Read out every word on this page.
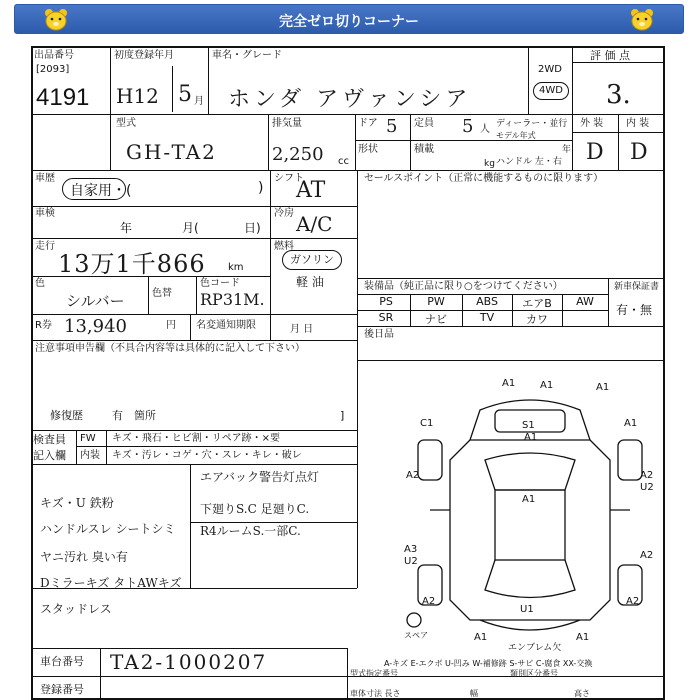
完全ゼロ切りコーナー
出品番号
[2093]
4191
初度登録年月
H12 5 月
車名・グレード
ホンダ アヴァンシア
2WD
4WD
評 価 点
3.
型式
GH-TA2
排気量
2,250 cc
ドア 5 定員 5 人 ディーラー・並行
モデル年式
年
形状	積載
kg ハンドル 左・右
外 装 内 装
D D
車歴
自家用・(	)
シフト
AT
車検
年	月(	日)
冷房 A/C
走行
13万1千866 km
燃料
ガソリン
軽 油
色
シルバー	色替
色コード
RP31M.
R券 13,940	円 名変通知期限	月 日
セールスポイント（正常に機能するものに限ります）
装備品（純正品に限り○をつけてください）	新車保証書
有・無
PS	PW	ABS	エアB	AW
SR	ナビ	TV	カワ
後日品
注意事項申告欄（不具合内容等は具体的に記入して下さい）
修復歴	有 箇所	]
検査員
記入欄
FW キズ・飛石・ヒビ割・リペア跡・×要
内装 キズ・汚レ・コゲ・穴・スレ・キレ・破レ
エアバック警告灯点灯
下廻りS.C 足廻りC.
R4ルームS.一部C.
キズ・U 鉄粉
ハンドルスレ シートシミ
ヤニ汚れ 臭い有
Dミラーキズ タトAWキズ
スタッドレス
A1	A1
S1
A1
C1	A1
A2
A1
A2
U2
A3
U2
A2
A2	A2
A1
U1
A1
A1
エンブレム欠
スペア
A-キズ E-エクボ U-凹み W-補修跡 S-サビ C-腐食 XX-交換
車台番号 TA2-1000207
登録番号
型式指定番号	類別区分番号
車体寸法 長さ	幅	高さ
